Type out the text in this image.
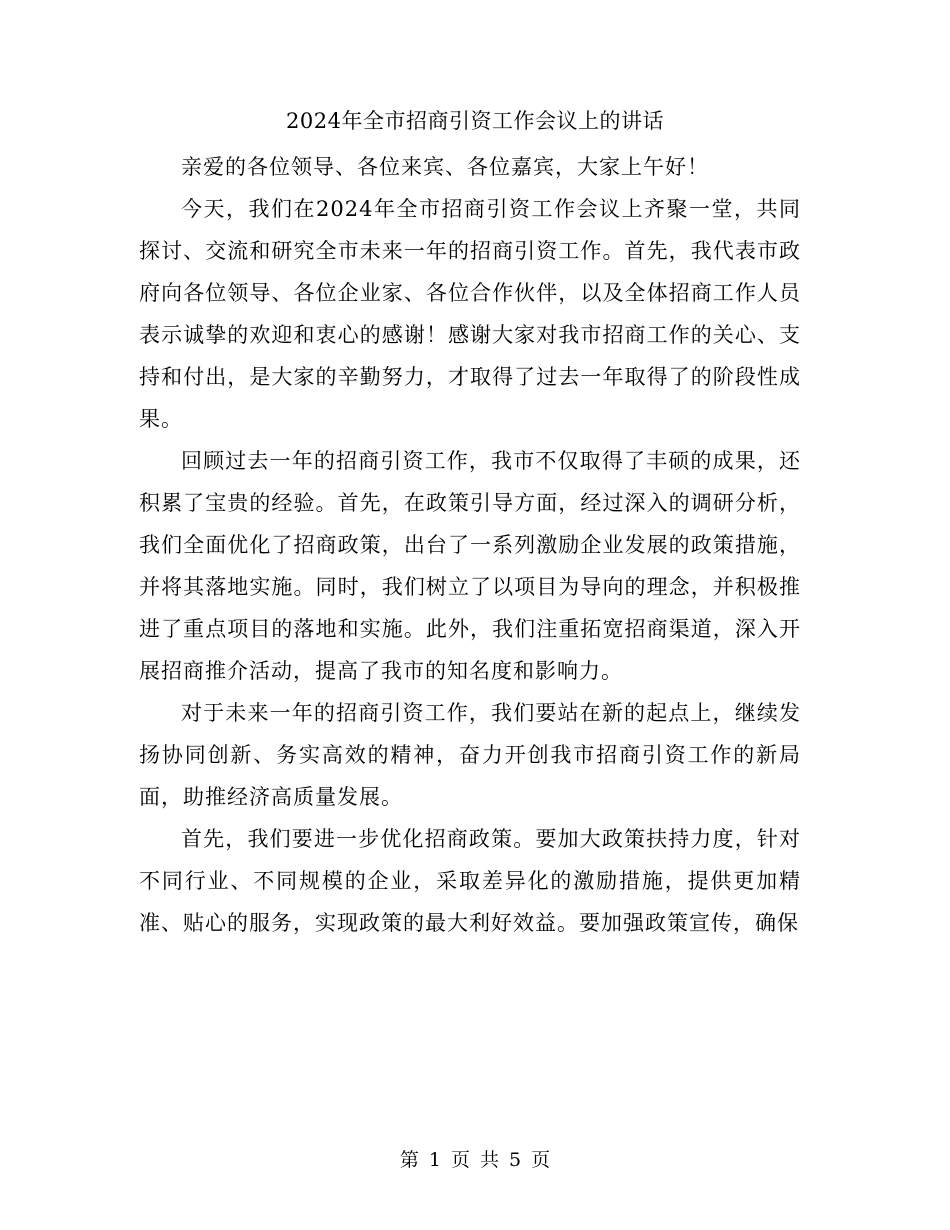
2024年全市招商引资工作会议上的讲话

亲爱的各位领导、各位来宾、各位嘉宾，大家上午好！

今天，我们在2024年全市招商引资工作会议上齐聚一堂，共同探讨、交流和研究全市未来一年的招商引资工作。首先，我代表市政府向各位领导、各位企业家、各位合作伙伴，以及全体招商工作人员表示诚挚的欢迎和衷心的感谢！感谢大家对我市招商工作的关心、支持和付出，是大家的辛勤努力，才取得了过去一年取得了的阶段性成果。

回顾过去一年的招商引资工作，我市不仅取得了丰硕的成果，还积累了宝贵的经验。首先，在政策引导方面，经过深入的调研分析，我们全面优化了招商政策，出台了一系列激励企业发展的政策措施，并将其落地实施。同时，我们树立了以项目为导向的理念，并积极推进了重点项目的落地和实施。此外，我们注重拓宽招商渠道，深入开展招商推介活动，提高了我市的知名度和影响力。

对于未来一年的招商引资工作，我们要站在新的起点上，继续发扬协同创新、务实高效的精神，奋力开创我市招商引资工作的新局面，助推经济高质量发展。

首先，我们要进一步优化招商政策。要加大政策扶持力度，针对不同行业、不同规模的企业，采取差异化的激励措施，提供更加精准、贴心的服务，实现政策的最大利好效益。要加强政策宣传，确保

第 1 页 共 5 页
